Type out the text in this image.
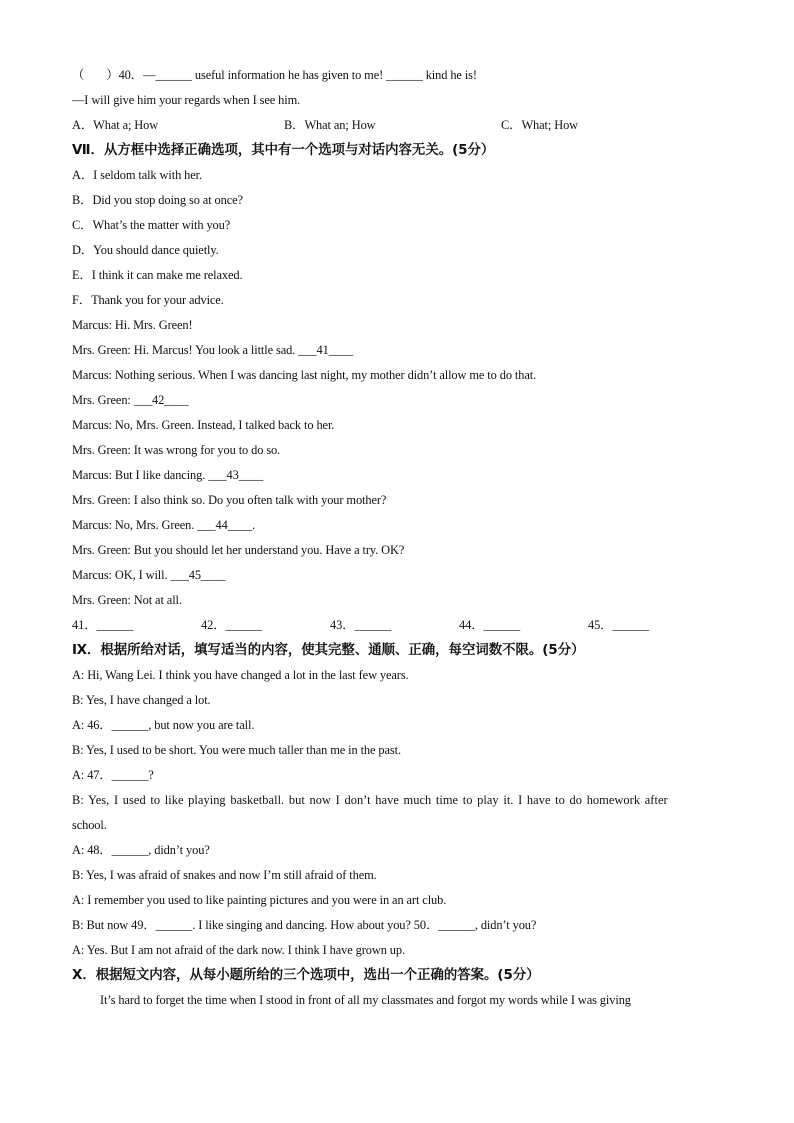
（ ）40．—______ useful information he has given to me! ______ kind he is!
—I will give him your regards when I see him.
A．What a; How	B．What an; How	C．What; How
Ⅶ．从方框中选择正确选项，其中有一个选项与对话内容无关。(5分）
A．I seldom talk with her.
B．Did you stop doing so at once?
C．What’s the matter with you?
D．You should dance quietly.
E．I think it can make me relaxed.
F．Thank you for your advice.
Marcus: Hi. Mrs. Green!
Mrs. Green: Hi. Marcus! You look a little sad. ___41____
Marcus: Nothing serious. When I was dancing last night, my mother didn’t allow me to do that.
Mrs. Green: ___42____
Marcus: No, Mrs. Green. Instead, I talked back to her.
Mrs. Green: It was wrong for you to do so.
Marcus: But I like dancing. ___43____
Mrs. Green: I also think so. Do you often talk with your mother?
Marcus: No, Mrs. Green. ___44____.
Mrs. Green: But you should let her understand you. Have a try. OK?
Marcus: OK, I will. ___45____
Mrs. Green: Not at all.
41．______	42．______	43．______	44．______	45．______
Ⅸ．根据所给对话，填写适当的内容，使其完整、通顺、正确，每空词数不限。(5分）
A: Hi, Wang Lei. I think you have changed a lot in the last few years.
B: Yes, I have changed a lot.
A: 46．______, but now you are tall.
B: Yes, I used to be short. You were much taller than me in the past.
A: 47．______?
B: Yes, I used to like playing basketball. but now I don’t have much time to play it. I have to do homework after
school.
A: 48．______, didn’t you?
B: Yes, I was afraid of snakes and now I’m still afraid of them.
A: I remember you used to like painting pictures and you were in an art club.
B: But now 49．______. I like singing and dancing. How about you? 50．______, didn’t you?
A: Yes. But I am not afraid of the dark now. I think I have grown up.
Ⅹ．根据短文内容，从每小题所给的三个选项中，选出一个正确的答案。(5分）
It’s hard to forget the time when I stood in front of all my classmates and forgot my words while I was giving
